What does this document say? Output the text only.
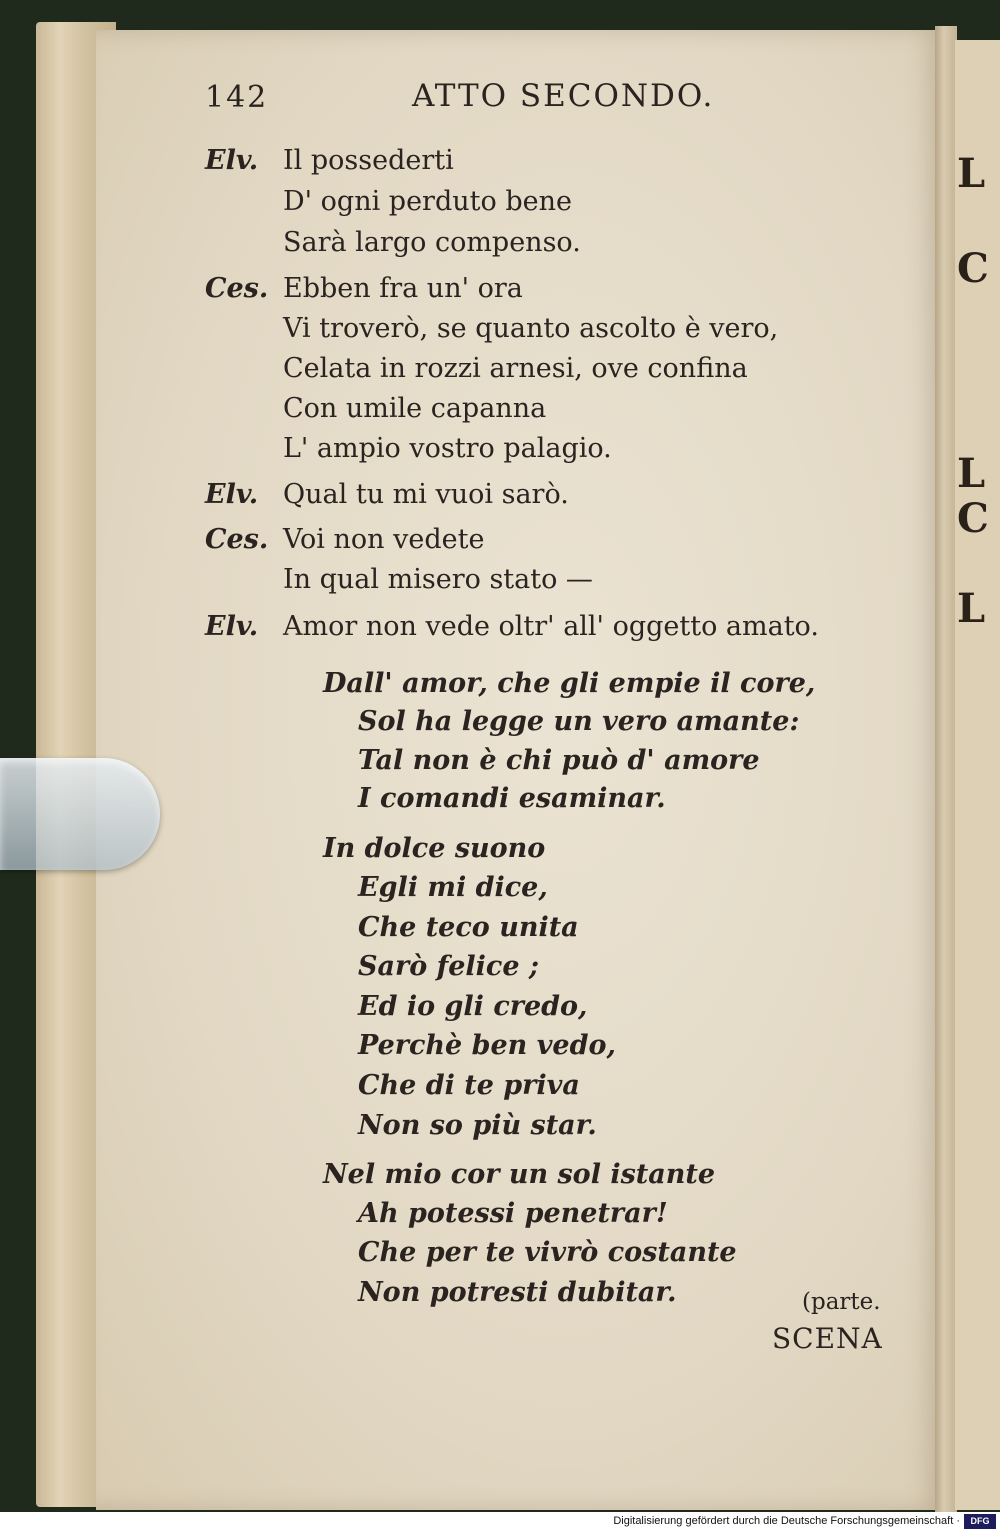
L
C
L
C
L
142	ATTO SECONDO.
Elv. Il possederti
D' ogni perduto bene
Sarà largo compenso.
Ces. Ebben fra un' ora
Vi troverò, se quanto ascolto è vero,
Celata in rozzi arnesi, ove confina
Con umile capanna
L' ampio vostro palagio.
Elv. Qual tu mi vuoi sarò.
Ces. Voi non vedete
In qual misero stato —
Elv. Amor non vede oltr' all' oggetto amato.
Dall' amor, che gli empie il core,
Sol ha legge un vero amante:
Tal non è chi può d' amore
I comandi esaminar.
In dolce suono
Egli mi dice,
Che teco unita
Sarò felice ;
Ed io gli credo,
Perchè ben vedo,
Che di te priva
Non so più star.
Nel mio cor un sol istante
Ah potessi penetrar!
Che per te vivrò costante
Non potresti dubitar.	(parte.
SCENA
Digitalisierung gefördert durch die Deutsche Forschungsgemeinschaft ·	DFG
